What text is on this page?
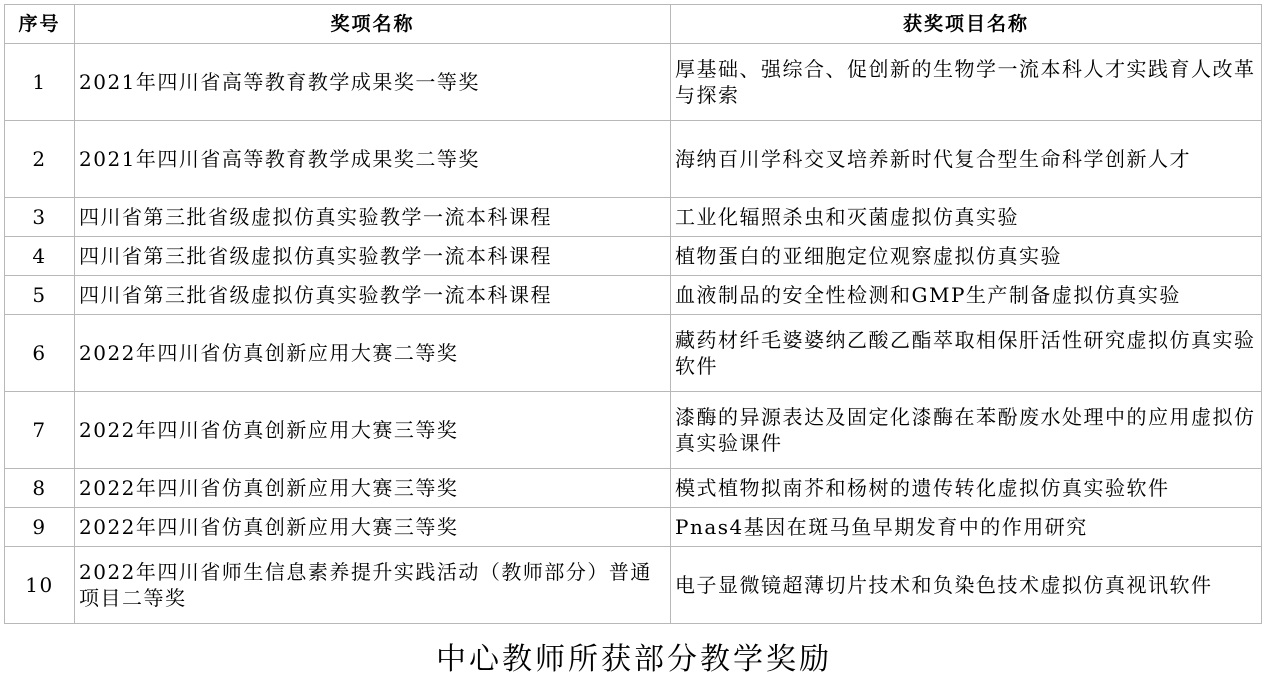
序号	奖项名称	获奖项目名称
1	2021年四川省高等教育教学成果奖一等奖	厚基础、强综合、促创新的生物学一流本科人才实践育人改革与探索
2	2021年四川省高等教育教学成果奖二等奖	海纳百川学科交叉培养新时代复合型生命科学创新人才
3	四川省第三批省级虚拟仿真实验教学一流本科课程	工业化辐照杀虫和灭菌虚拟仿真实验
4	四川省第三批省级虚拟仿真实验教学一流本科课程	植物蛋白的亚细胞定位观察虚拟仿真实验
5	四川省第三批省级虚拟仿真实验教学一流本科课程	血液制品的安全性检测和GMP生产制备虚拟仿真实验
6	2022年四川省仿真创新应用大赛二等奖	藏药材纤毛婆婆纳乙酸乙酯萃取相保肝活性研究虚拟仿真实验软件
7	2022年四川省仿真创新应用大赛三等奖	漆酶的异源表达及固定化漆酶在苯酚废水处理中的应用虚拟仿真实验课件
8	2022年四川省仿真创新应用大赛三等奖	模式植物拟南芥和杨树的遗传转化虚拟仿真实验软件
9	2022年四川省仿真创新应用大赛三等奖	Pnas4基因在斑马鱼早期发育中的作用研究
10	2022年四川省师生信息素养提升实践活动（教师部分）普通项目二等奖	电子显微镜超薄切片技术和负染色技术虚拟仿真视讯软件
中心教师所获部分教学奖励
